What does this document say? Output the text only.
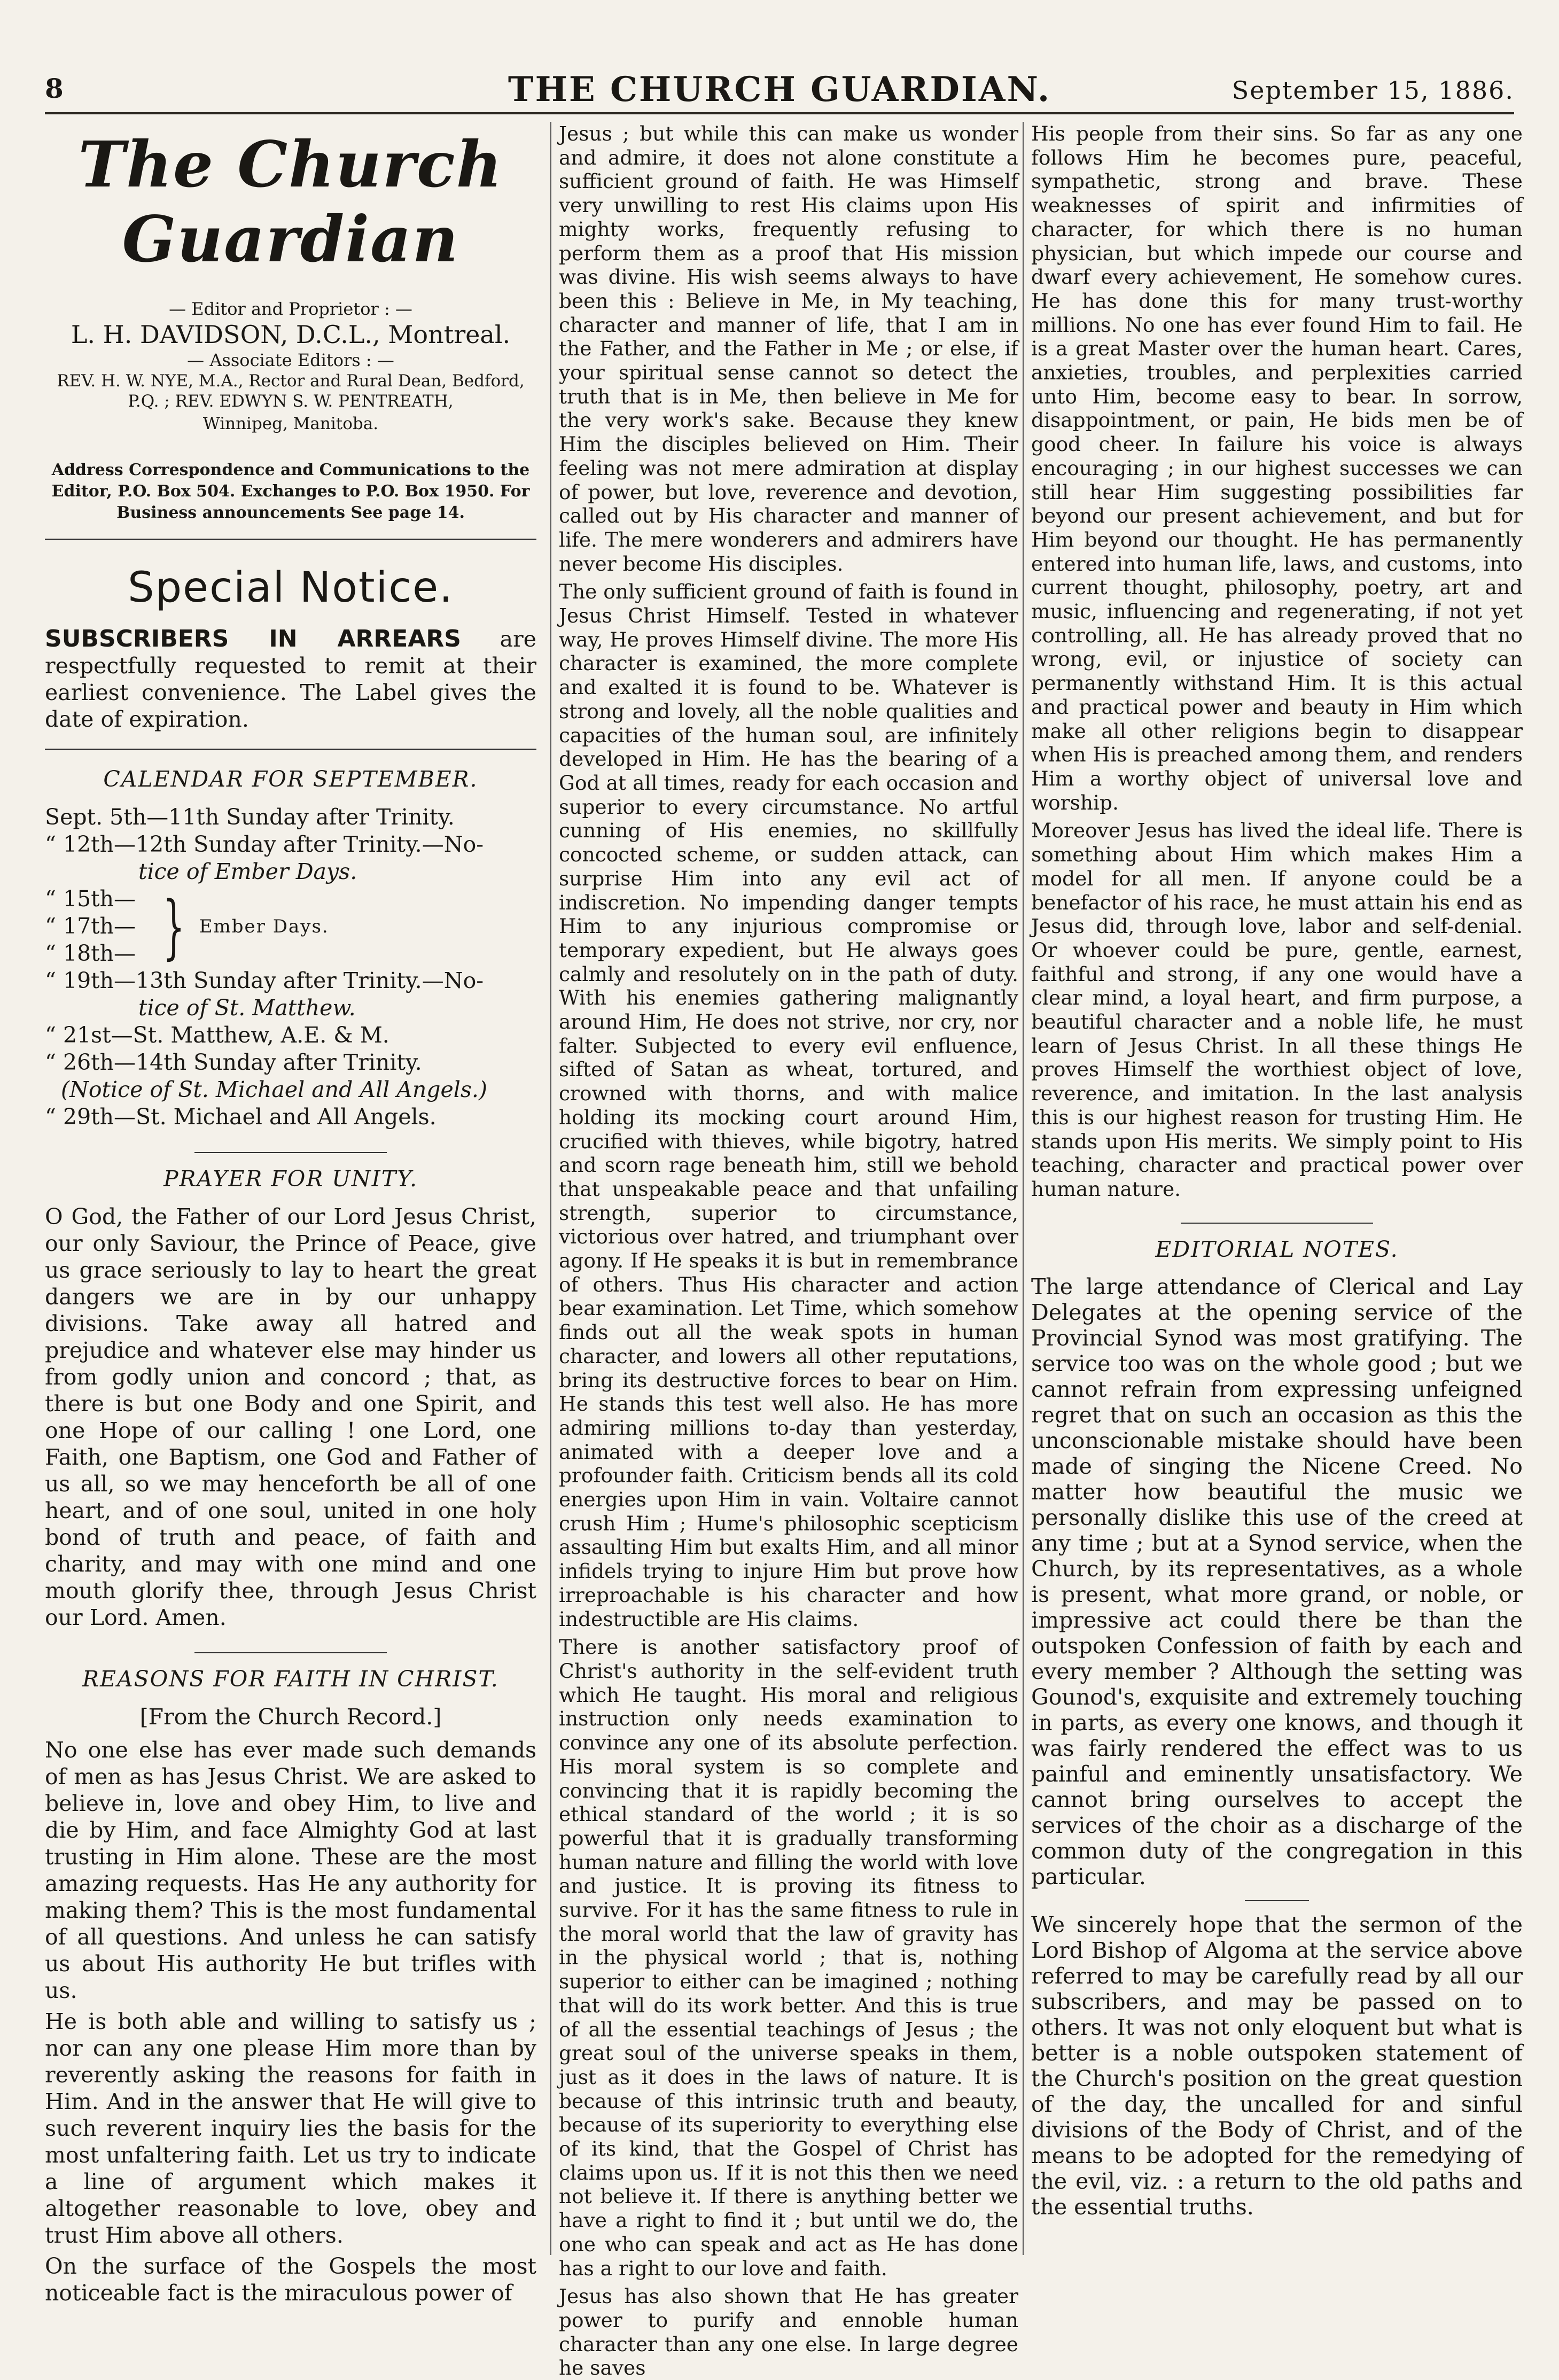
8	THE CHURCH GUARDIAN.	September 15, 1886.
The Church Guardian

— Editor and Proprietor : —

L. H. DAVIDSON, D.C.L., Montreal.

— Associate Editors : —

REV. H. W. NYE, M.A., Rector and Rural Dean, Bedford, P.Q. ; REV. EDWYN S. W. PENTREATH,

Winnipeg, Manitoba.

Address Correspondence and Communications to the Editor, P.O. Box 504. Exchanges to P.O. Box 1950. For Business announcements See page 14.
Special Notice.

SUBSCRIBERS IN ARREARS are respectfully requested to remit at their earliest convenience. The Label gives the date of expiration.

CALENDAR FOR SEPTEMBER.
Sept. 5th—11th Sunday after Trinity.
“ 12th—12th Sunday after Trinity.—No-
tice of Ember Days.
“ 15th—
“ 17th—
“ 18th— } Ember Days.
“ 19th—13th Sunday after Trinity.—No-
tice of St. Matthew.
“ 21st—St. Matthew, A.E. & M.
“ 26th—14th Sunday after Trinity.
(Notice of St. Michael and All Angels.)
“ 29th—St. Michael and All Angels.
PRAYER FOR UNITY.

O God, the Father of our Lord Jesus Christ, our only Saviour, the Prince of Peace, give us grace seriously to lay to heart the great dangers we are in by our unhappy divisions. Take away all hatred and prejudice and whatever else may hinder us from godly union and concord ; that, as there is but one Body and one Spirit, and one Hope of our calling ! one Lord, one Faith, one Baptism, one God and Father of us all, so we may henceforth be all of one heart, and of one soul, united in one holy bond of truth and peace, of faith and charity, and may with one mind and one mouth glorify thee, through Jesus Christ our Lord. Amen.

REASONS FOR FAITH IN CHRIST.
[From the Church Record.]

No one else has ever made such demands of men as has Jesus Christ. We are asked to believe in, love and obey Him, to live and die by Him, and face Almighty God at last trusting in Him alone. These are the most amazing requests. Has He any authority for making them? This is the most fundamental of all questions. And unless he can satisfy us about His authority He but trifles with us.

He is both able and willing to satisfy us ; nor can any one please Him more than by reverently asking the reasons for faith in Him. And in the answer that He will give to such reverent inquiry lies the basis for the most unfaltering faith. Let us try to indicate a line of argument which makes it altogether reasonable to love, obey and trust Him above all others.

On the surface of the Gospels the most noticeable fact is the miraculous power of

Jesus ; but while this can make us wonder and admire, it does not alone constitute a sufficient ground of faith. He was Himself very unwilling to rest His claims upon His mighty works, frequently refusing to perform them as a proof that His mission was divine. His wish seems always to have been this : Believe in Me, in My teaching, character and manner of life, that I am in the Father, and the Father in Me ; or else, if your spiritual sense cannot so detect the truth that is in Me, then believe in Me for the very work's sake. Because they knew Him the disciples believed on Him. Their feeling was not mere admiration at display of power, but love, reverence and devotion, called out by His character and manner of life. The mere wonderers and admirers have never become His disciples.

The only sufficient ground of faith is found in Jesus Christ Himself. Tested in whatever way, He proves Himself divine. The more His character is examined, the more complete and exalted it is found to be. Whatever is strong and lovely, all the noble qualities and capacities of the human soul, are infinitely developed in Him. He has the bearing of a God at all times, ready for each occasion and superior to every circumstance. No artful cunning of His enemies, no skillfully concocted scheme, or sudden attack, can surprise Him into any evil act of indiscretion. No impending danger tempts Him to any injurious compromise or temporary expedient, but He always goes calmly and resolutely on in the path of duty. With his enemies gathering malignantly around Him, He does not strive, nor cry, nor falter. Subjected to every evil enfluence, sifted of Satan as wheat, tortured, and crowned with thorns, and with malice holding its mocking court around Him, crucified with thieves, while bigotry, hatred and scorn rage beneath him, still we behold that unspeakable peace and that unfailing strength, superior to circumstance, victorious over hatred, and triumphant over agony. If He speaks it is but in remembrance of others. Thus His character and action bear examination. Let Time, which somehow finds out all the weak spots in human character, and lowers all other reputations, bring its destructive forces to bear on Him. He stands this test well also. He has more admiring millions to-day than yesterday, animated with a deeper love and a profounder faith. Criticism bends all its cold energies upon Him in vain. Voltaire cannot crush Him ; Hume's philosophic scepticism assaulting Him but exalts Him, and all minor infidels trying to injure Him but prove how irreproachable is his character and how indestructible are His claims.

There is another satisfactory proof of Christ's authority in the self-evident truth which He taught. His moral and religious instruction only needs examination to convince any one of its absolute perfection. His moral system is so complete and convincing that it is rapidly becoming the ethical standard of the world ; it is so powerful that it is gradually transforming human nature and filling the world with love and justice. It is proving its fitness to survive. For it has the same fitness to rule in the moral world that the law of gravity has in the physical world ; that is, nothing superior to either can be imagined ; nothing that will do its work better. And this is true of all the essential teachings of Jesus ; the great soul of the universe speaks in them, just as it does in the laws of nature. It is because of this intrinsic truth and beauty, because of its superiority to everything else of its kind, that the Gospel of Christ has claims upon us. If it is not this then we need not believe it. If there is anything better we have a right to find it ; but until we do, the one who can speak and act as He has done has a right to our love and faith.

Jesus has also shown that He has greater power to purify and ennoble human character than any one else. In large degree he saves

His people from their sins. So far as any one follows Him he becomes pure, peaceful, sympathetic, strong and brave. These weaknesses of spirit and infirmities of character, for which there is no human physician, but which impede our course and dwarf every achievement, He somehow cures. He has done this for many trust-worthy millions. No one has ever found Him to fail. He is a great Master over the human heart. Cares, anxieties, troubles, and perplexities carried unto Him, become easy to bear. In sorrow, disappointment, or pain, He bids men be of good cheer. In failure his voice is always encouraging ; in our highest successes we can still hear Him suggesting possibilities far beyond our present achievement, and but for Him beyond our thought. He has permanently entered into human life, laws, and customs, into current thought, philosophy, poetry, art and music, influencing and regenerating, if not yet controlling, all. He has already proved that no wrong, evil, or injustice of society can permanently withstand Him. It is this actual and practical power and beauty in Him which make all other religions begin to disappear when His is preached among them, and renders Him a worthy object of universal love and worship.

Moreover Jesus has lived the ideal life. There is something about Him which makes Him a model for all men. If anyone could be a benefactor of his race, he must attain his end as Jesus did, through love, labor and self-denial. Or whoever could be pure, gentle, earnest, faithful and strong, if any one would have a clear mind, a loyal heart, and firm purpose, a beautiful character and a noble life, he must learn of Jesus Christ. In all these things He proves Himself the worthiest object of love, reverence, and imitation. In the last analysis this is our highest reason for trusting Him. He stands upon His merits. We simply point to His teaching, character and practical power over human nature.

EDITORIAL NOTES.

The large attendance of Clerical and Lay Delegates at the opening service of the Provincial Synod was most gratifying. The service too was on the whole good ; but we cannot refrain from expressing unfeigned regret that on such an occasion as this the unconscionable mistake should have been made of singing the Nicene Creed. No matter how beautiful the music we personally dislike this use of the creed at any time ; but at a Synod service, when the Church, by its representatives, as a whole is present, what more grand, or noble, or impressive act could there be than the outspoken Confession of faith by each and every member ? Although the setting was Gounod's, exquisite and extremely touching in parts, as every one knows, and though it was fairly rendered the effect was to us painful and eminently unsatisfactory. We cannot bring ourselves to accept the services of the choir as a discharge of the common duty of the congregation in this particular.

We sincerely hope that the sermon of the Lord Bishop of Algoma at the service above referred to may be carefully read by all our subscribers, and may be passed on to others. It was not only eloquent but what is better is a noble outspoken statement of the Church's position on the great question of the day, the uncalled for and sinful divisions of the Body of Christ, and of the means to be adopted for the remedying of the evil, viz. : a return to the old paths and the essential truths.
